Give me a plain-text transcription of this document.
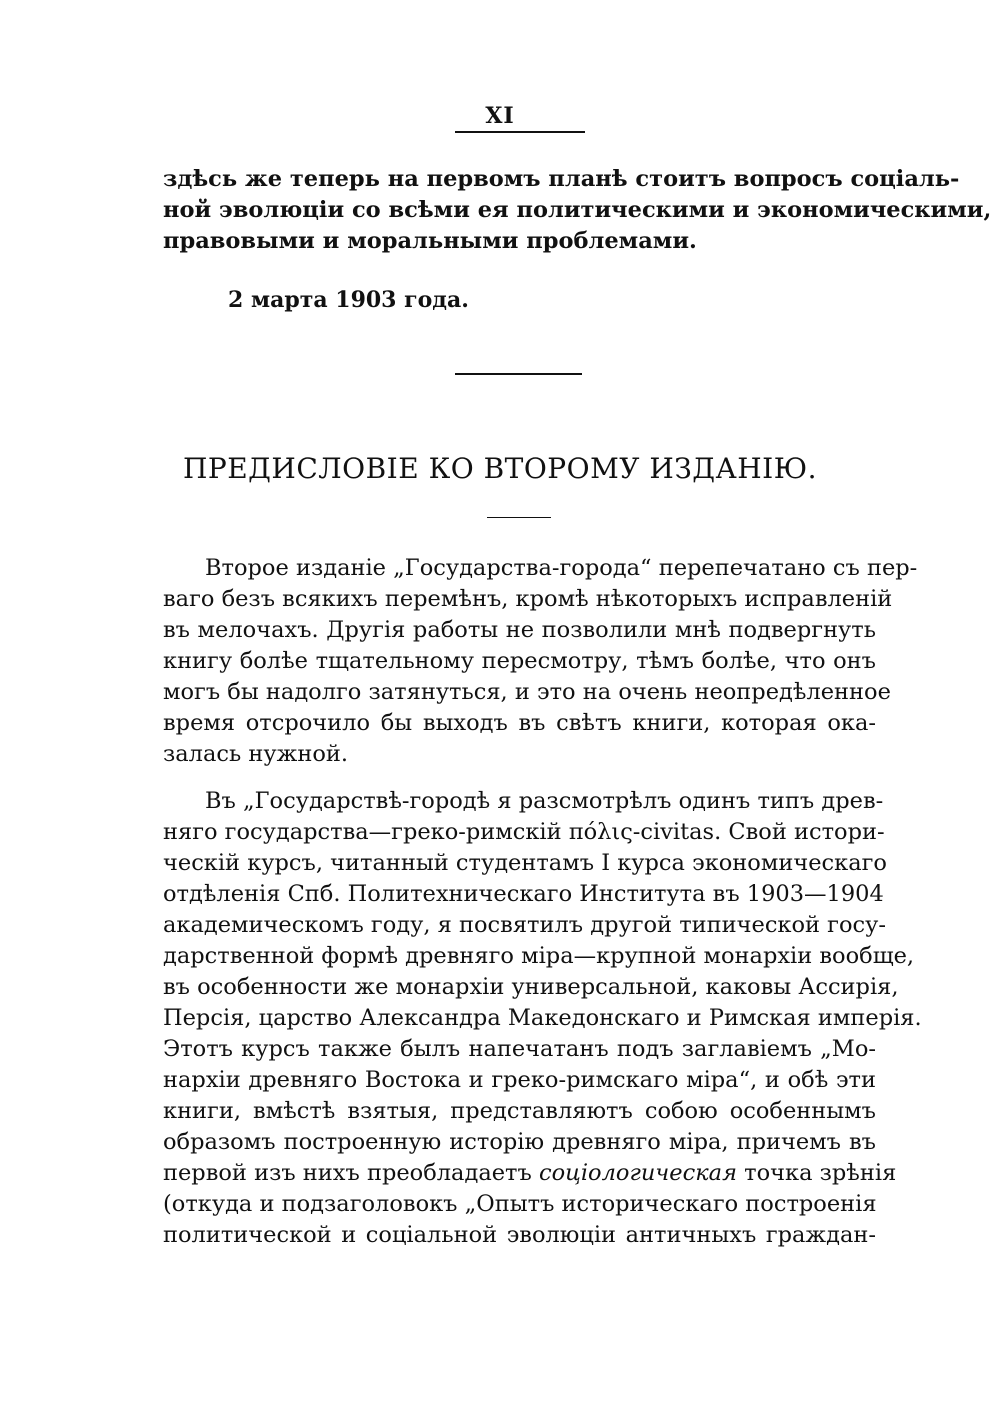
XI
здѣсь же теперь на первомъ планѣ стоитъ вопросъ соціаль-
ной эволюціи со всѣми ея политическими и экономическими,
правовыми и моральными проблемами.
2 марта 1903 года.
ПРЕДИСЛОВІЕ КО ВТОРОМУ ИЗДАНІЮ.
Второе изданіе „Государства-города“ перепечатано съ пер-
ваго безъ всякихъ перемѣнъ, кромѣ нѣкоторыхъ исправленій
въ мелочахъ. Другія работы не позволили мнѣ подвергнуть
книгу болѣе тщательному пересмотру, тѣмъ болѣе, что онъ
могъ бы надолго затянуться, и это на очень неопредѣленное
время отсрочило бы выходъ въ свѣтъ книги, которая ока-
залась нужной.
Въ „Государствѣ-городѣ я разсмотрѣлъ одинъ типъ древ-
няго государства—греко-римскій πόλις-civitas. Свой истори-
ческій курсъ, читанный студентамъ I курса экономическаго
отдѣленія Спб. Политехническаго Института въ 1903—1904
академическомъ году, я посвятилъ другой типической госу-
дарственной формѣ древняго міра—крупной монархіи вообще,
въ особенности же монархіи универсальной, каковы Ассирія,
Персія, царство Александра Македонскаго и Римская имперія.
Этотъ курсъ также былъ напечатанъ подъ заглавіемъ „Мо-
нархіи древняго Востока и греко-римскаго міра“, и обѣ эти
книги, вмѣстѣ взятыя, представляютъ собою особеннымъ
образомъ построенную исторію древняго міра, причемъ въ
первой изъ нихъ преобладаетъ соціологическая точка зрѣнія
(откуда и подзаголовокъ „Опытъ историческаго построенія
политической и соціальной эволюціи античныхъ граждан-
